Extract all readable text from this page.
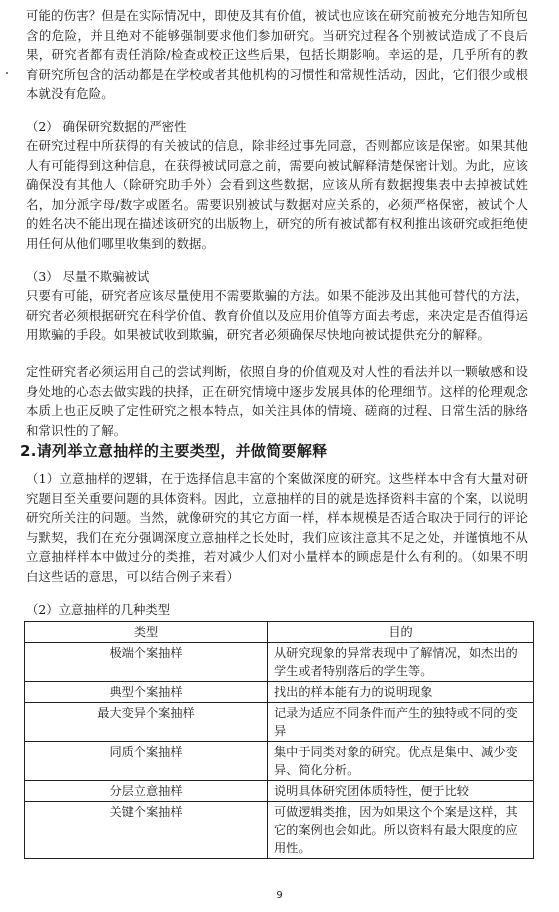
可能的伤害？但是在实际情况中，即使及其有价值，被试也应该在研究前被充分地告知所包含的危险，并且绝对不能够强制要求他们参加研究。当研究过程各个别被试造成了不良后果，研究者都有责任消除/检查或校正这些后果，包括长期影响。幸运的是，几乎所有的教育研究所包含的活动都是在学校或者其他机构的习惯性和常规性活动，因此，它们很少或根本就没有危险。

（2） 确保研究数据的严密性

在研究过程中所获得的有关被试的信息，除非经过事先同意，否则都应该是保密。如果其他人有可能得到这种信息，在获得被试同意之前，需要向被试解释清楚保密计划。为此，应该确保没有其他人（除研究助手外）会看到这些数据，应该从所有数据搜集表中去掉被试姓名，加分派字母/数字或匿名。需要识别被试与数据对应关系的，必须严格保密，被试个人的姓名决不能出现在描述该研究的出版物上，研究的所有被试都有权利推出该研究或拒绝使用任何从他们哪里收集到的数据。

（3） 尽量不欺骗被试

只要有可能，研究者应该尽量使用不需要欺骗的方法。如果不能涉及出其他可替代的方法，研究者必须根据研究在科学价值、教育价值以及应用价值等方面去考虑，来决定是否值得运用欺骗的手段。如果被试收到欺骗，研究者必须确保尽快地向被试提供充分的解释。

定性研究者必须运用自己的尝试判断，依照自身的价值观及对人性的看法并以一颗敏感和设身处地的心态去做实践的抉择，正在研究情境中逐步发展具体的伦理细节。这样的伦理观念本质上也正反映了定性研究之根本特点，如关注具体的情境、磋商的过程、日常生活的脉络和常识性的了解。

2.请列举立意抽样的主要类型，并做简要解释

（1）立意抽样的逻辑，在于选择信息丰富的个案做深度的研究。这些样本中含有大量对研究题目至关重要问题的具体资料。因此，立意抽样的目的就是选择资料丰富的个案，以说明研究所关注的问题。当然，就像研究的其它方面一样，样本规模是否适合取决于同行的评论与默契，我们在充分强调深度立意抽样之长处时，我们应该注意其不足之处，并谨慎地不从立意抽样样本中做过分的类推，若对减少人们对小量样本的顾虑是什么有利的。（如果不明白这些话的意思，可以结合例子来看）

（2）立意抽样的几种类型

类型	目的
极端个案抽样	从研究现象的异常表现中了解情况，如杰出的学生或者特别落后的学生等。
典型个案抽样	找出的样本能有力的说明现象
最大变异个案抽样	记录为适应不同条件而产生的独特或不同的变异
同质个案抽样	集中于同类对象的研究。优点是集中、减少变异、简化分析。
分层立意抽样	说明具体研究团体质特性，便于比较
关键个案抽样	可做逻辑类推，因为如果这个个案是这样，其它的案例也会如此。所以资料有最大限度的应用性。
9
